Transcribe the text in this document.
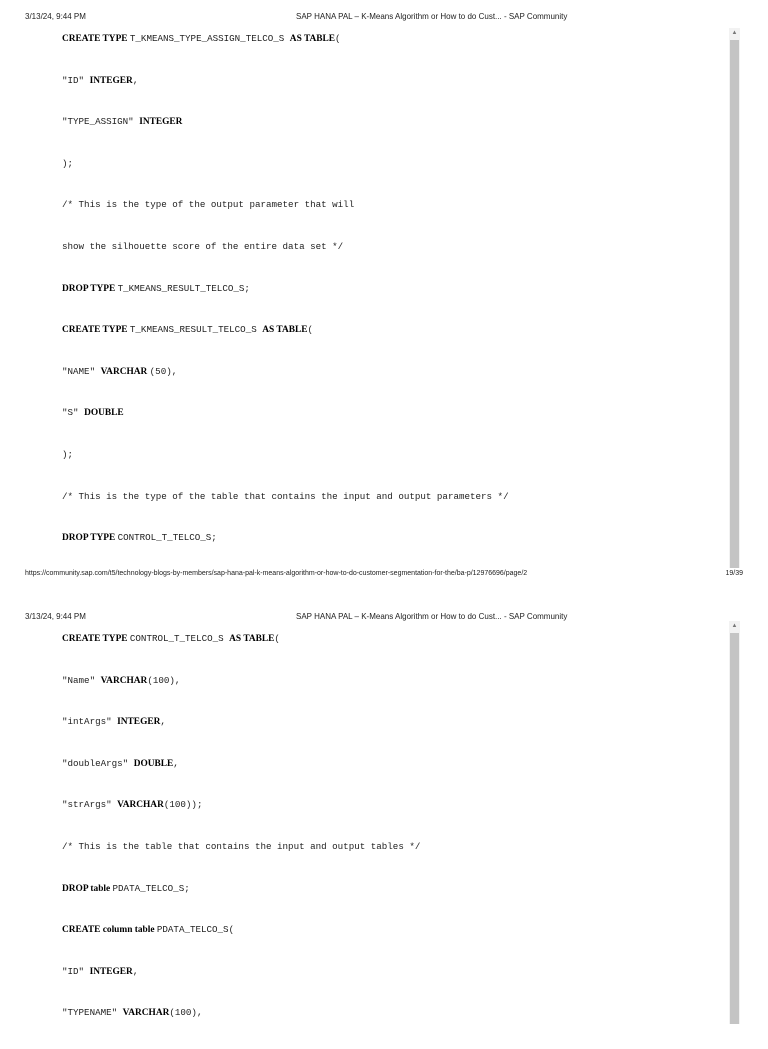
3/13/24, 9:44 PM	SAP HANA PAL – K-Means Algorithm or How to do Cust... - SAP Community
CREATE TYPE T_KMEANS_TYPE_ASSIGN_TELCO_S AS TABLE(
"ID" INTEGER,
"TYPE_ASSIGN" INTEGER
);
/* This is the type of the output parameter that will
show the silhouette score of the entire data set */
DROP TYPE T_KMEANS_RESULT_TELCO_S;
CREATE TYPE T_KMEANS_RESULT_TELCO_S AS TABLE(
"NAME" VARCHAR (50),
"S" DOUBLE
);
/* This is the type of the table that contains the input and output parameters */
DROP TYPE CONTROL_T_TELCO_S;
▲
https://community.sap.com/t5/technology-blogs-by-members/sap-hana-pal-k-means-algorithm-or-how-to-do-customer-segmentation-for-the/ba-p/12976696/page/2	19/39
3/13/24, 9:44 PM	SAP HANA PAL – K-Means Algorithm or How to do Cust... - SAP Community
CREATE TYPE CONTROL_T_TELCO_S AS TABLE(
"Name" VARCHAR(100),
"intArgs" INTEGER,
"doubleArgs" DOUBLE,
"strArgs" VARCHAR(100));
/* This is the table that contains the input and output tables */
DROP table PDATA_TELCO_S;
CREATE column table PDATA_TELCO_S(
"ID" INTEGER,
"TYPENAME" VARCHAR(100),
▲
